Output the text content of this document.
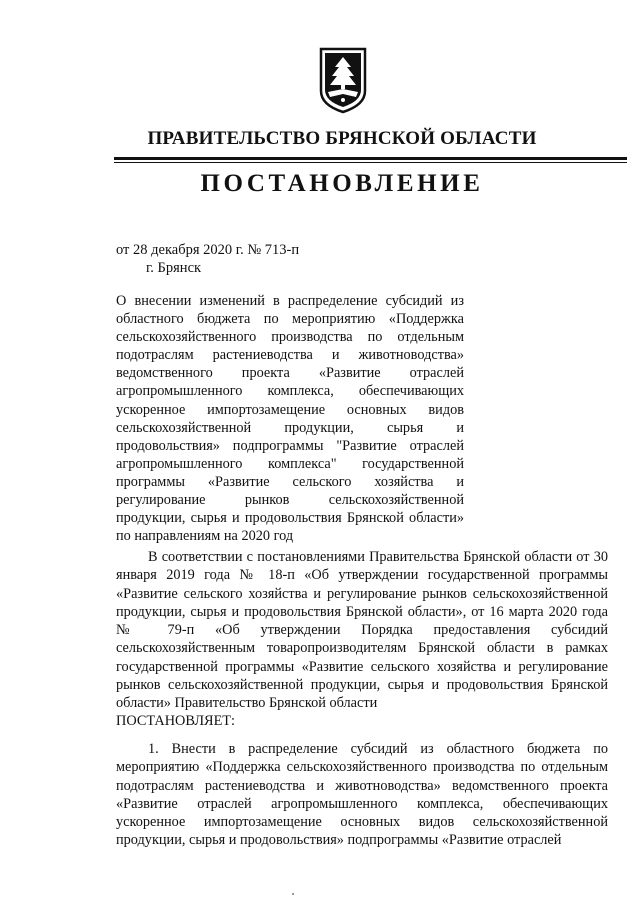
ПРАВИТЕЛЬСТВО БРЯНСКОЙ ОБЛАСТИ
ПОСТАНОВЛЕНИЕ
от 28 декабря 2020 г. № 713-п
г. Брянск
О внесении изменений в распределение субсидий из областного бюджета по мероприятию «Поддержка сельскохозяйственного производства по отдельным подотраслям растениеводства и животноводства» ведомственного проекта «Развитие отраслей агропромышленного комплекса, обеспечивающих ускоренное импортозамещение основных видов сельскохозяйственной продукции, сырья и продовольствия» подпрограммы "Развитие отраслей агропромышленного комплекса" государственной программы «Развитие сельского хозяйства и регулирование рынков сельскохозяйственной продукции, сырья и продовольствия Брянской области» по направлениям на 2020 год
В соответствии с постановлениями Правительства Брянской области от 30 января 2019 года № 18-п «Об утверждении государственной программы «Развитие сельского хозяйства и регулирование рынков сельскохозяйственной продукции, сырья и продовольствия Брянской области», от 16 марта 2020 года № 79-п «Об утверждении Порядка предоставления субсидий сельскохозяйственным товаропроизводителям Брянской области в рамках государственной программы «Развитие сельского хозяйства и регулирование рынков сельскохозяйственной продукции, сырья и продовольствия Брянской области» Правительство Брянской области
ПОСТАНОВЛЯЕТ:
1. Внести в распределение субсидий из областного бюджета по мероприятию «Поддержка сельскохозяйственного производства по отдельным подотраслям растениеводства и животноводства» ведомственного проекта «Развитие отраслей агропромышленного комплекса, обеспечивающих ускоренное импортозамещение основных видов сельскохозяйственной продукции, сырья и продовольствия» подпрограммы «Развитие отраслей
